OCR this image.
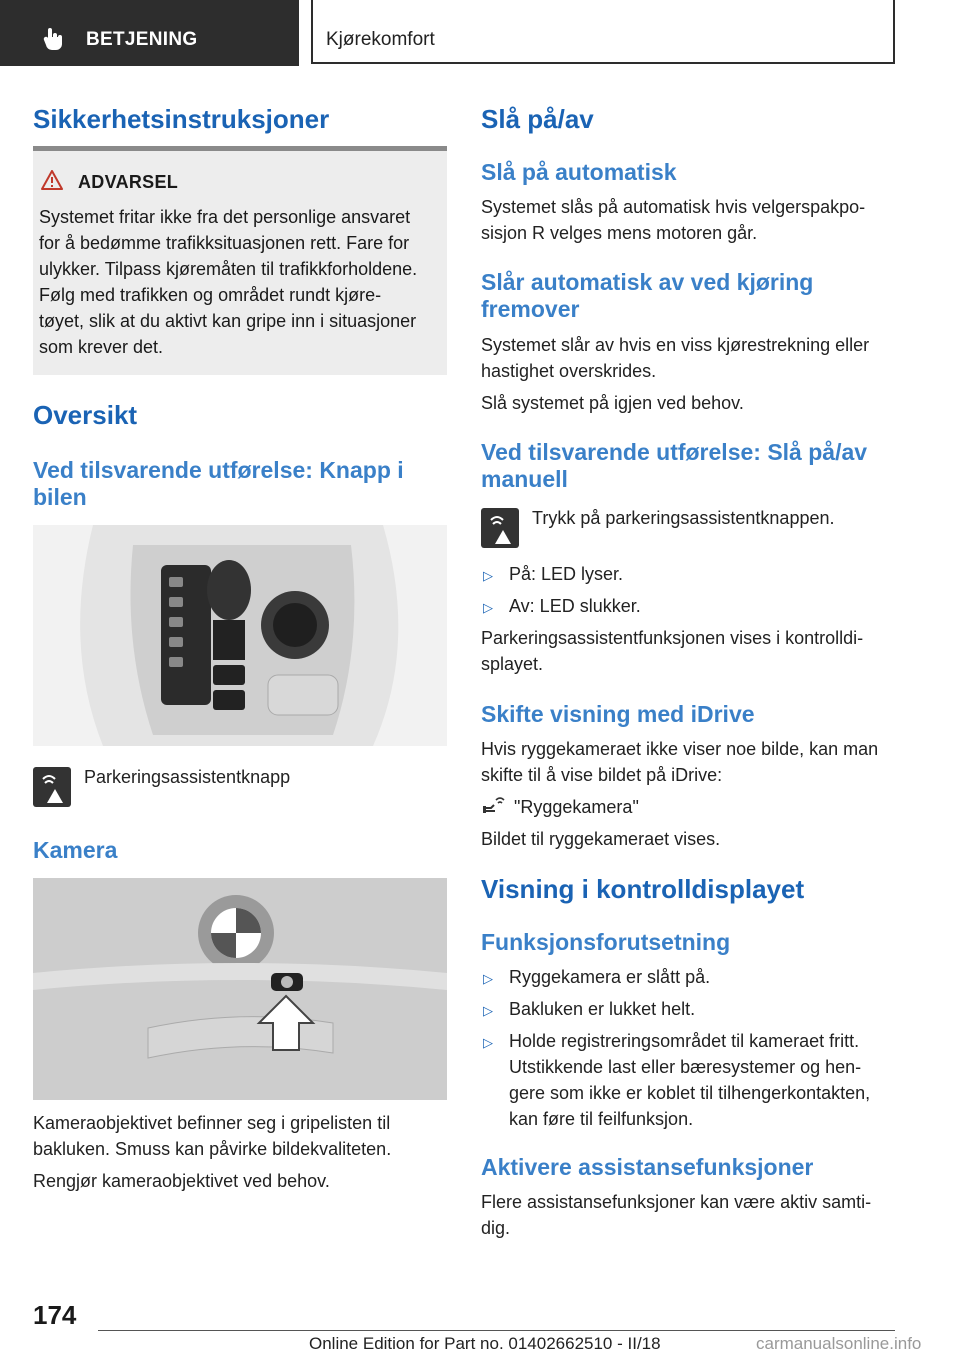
BETJENING	Kjørekomfort
Sikkerhetsinstruksjoner
ADVARSEL
Systemet fritar ikke fra det personlige ansvaret
for å bedømme trafikksituasjonen rett. Fare for
ulykker. Tilpass kjøremåten til trafikkforholdene.
Følg med trafikken og området rundt kjøre-
tøyet, slik at du aktivt kan gripe inn i situasjoner
som krever det.
Oversikt
Ved tilsvarende utførelse: Knapp i
bilen
Parkeringsassistentknapp
Kamera
Kameraobjektivet befinner seg i gripelisten til
bakluken. Smuss kan påvirke bildekvaliteten.
Rengjør kameraobjektivet ved behov.
Slå på/av
Slå på automatisk
Systemet slås på automatisk hvis velgerspakpo-
sisjon R velges mens motoren går.
Slår automatisk av ved kjøring
fremover
Systemet slår av hvis en viss kjørestrekning eller
hastighet overskrides.
Slå systemet på igjen ved behov.
Ved tilsvarende utførelse: Slå på/av
manuell
Trykk på parkeringsassistentknappen.
▷ På: LED lyser.
▷ Av: LED slukker.
Parkeringsassistentfunksjonen vises i kontrolldi-
splayet.
Skifte visning med iDrive
Hvis ryggekameraet ikke viser noe bilde, kan man
skifte til å vise bildet på iDrive:
"Ryggekamera"
Bildet til ryggekameraet vises.
Visning i kontrolldisplayet
Funksjonsforutsetning
▷ Ryggekamera er slått på.
▷ Bakluken er lukket helt.
▷ Holde registreringsområdet til kameraet fritt.
Utstikkende last eller bæresystemer og hen-
gere som ikke er koblet til tilhengerkontakten,
kan føre til feilfunksjon.
Aktivere assistansefunksjoner
Flere assistansefunksjoner kan være aktiv samti-
dig.
174
Online Edition for Part no. 01402662510 - II/18	carmanualsonline.info
